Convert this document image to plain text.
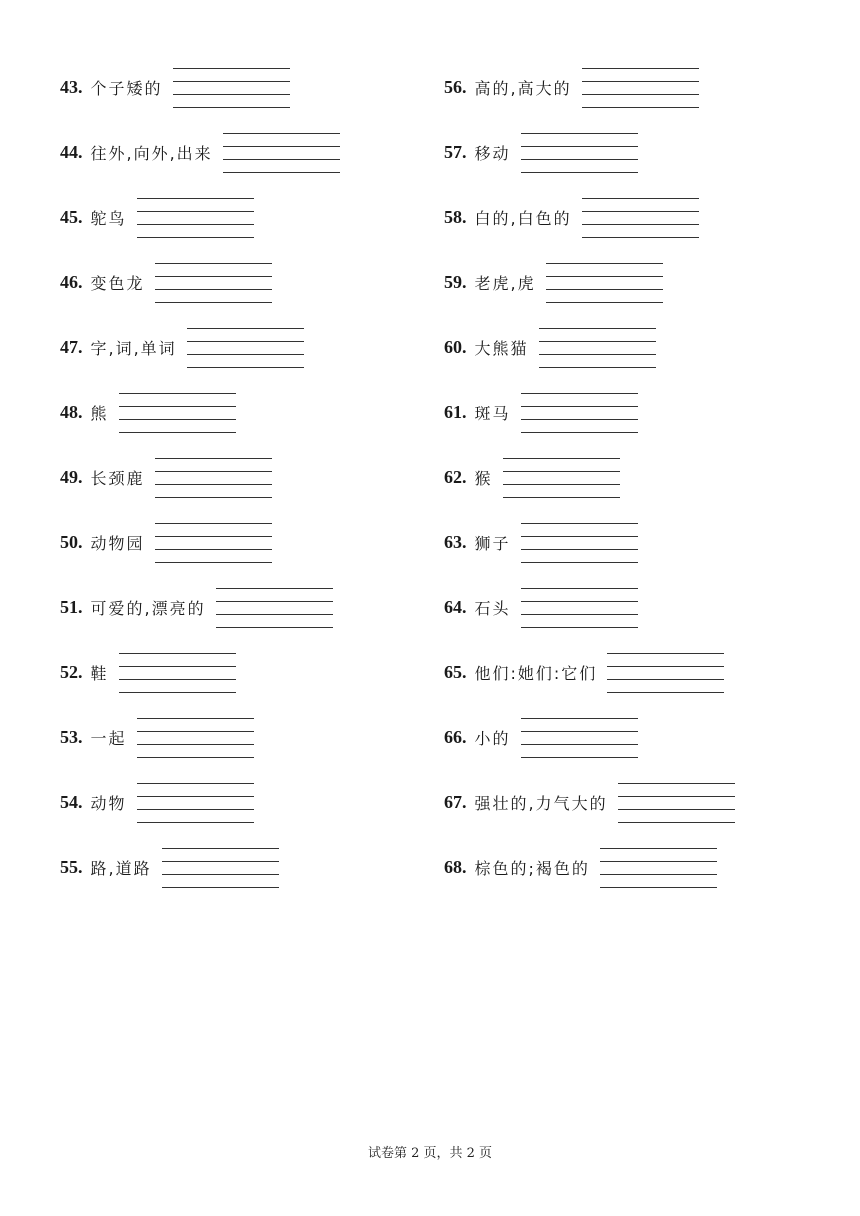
43. 个子矮的
44. 往外,向外,出来
45. 鸵鸟
46. 变色龙
47. 字,词,单词
48. 熊
49. 长颈鹿
50. 动物园
51. 可爱的,漂亮的
52. 鞋
53. 一起
54. 动物
55. 路,道路
56. 高的,高大的
57. 移动
58. 白的,白色的
59. 老虎,虎
60. 大熊猫
61. 斑马
62. 猴
63. 狮子
64. 石头
65. 他们:她们:它们
66. 小的
67. 强壮的,力气大的
68. 棕色的;褐色的
试卷第 2 页，共 2 页
